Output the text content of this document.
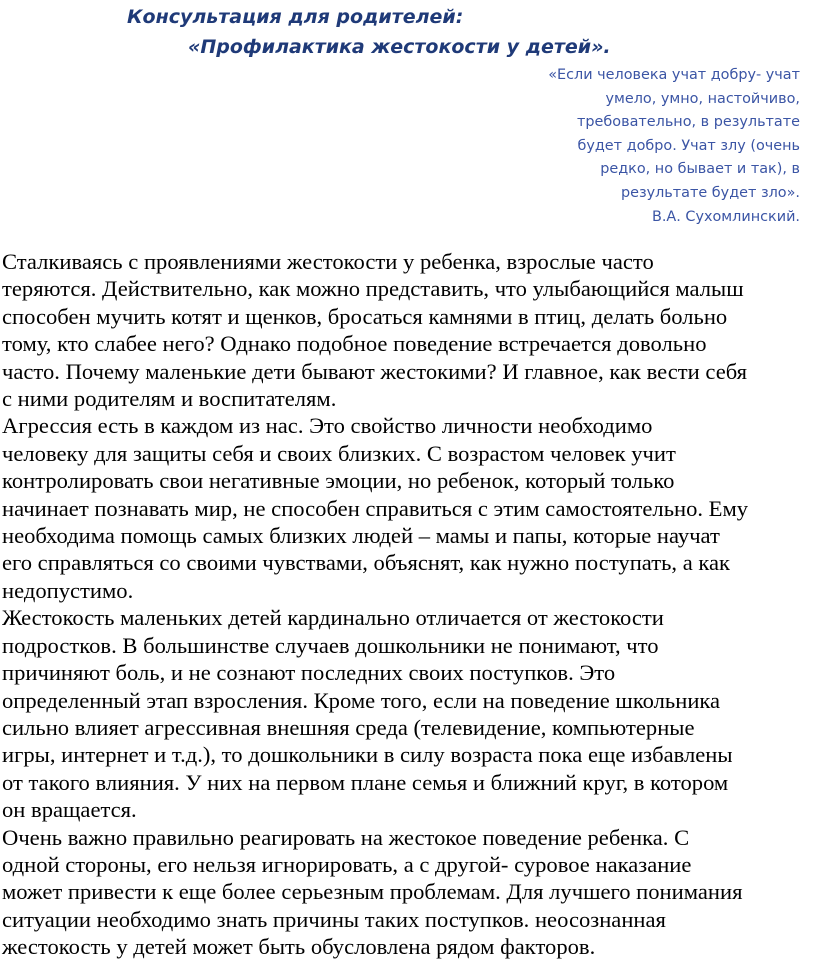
Консультация для родителей:
«Профилактика жестокости у детей».
«Если человека учат добру- учат
умело, умно, настойчиво,
требовательно, в результате
будет добро. Учат злу (очень
редко, но бывает и так), в
результате будет зло».
В.А. Сухомлинский.
Сталкиваясь с проявлениями жестокости у ребенка, взрослые часто
теряются. Действительно, как можно представить, что улыбающийся малыш
способен мучить котят и щенков, бросаться камнями в птиц, делать больно
тому, кто слабее него? Однако подобное поведение встречается довольно
часто. Почему маленькие дети бывают жестокими? И главное, как вести себя
с ними родителям и воспитателям.
Агрессия есть в каждом из нас. Это свойство личности необходимо
человеку для защиты себя и своих близких. С возрастом человек учит
контролировать свои негативные эмоции, но ребенок, который только
начинает познавать мир, не способен справиться с этим самостоятельно. Ему
необходима помощь самых близких людей – мамы и папы, которые научат
его справляться со своими чувствами, объяснят, как нужно поступать, а как
недопустимо.
Жестокость маленьких детей кардинально отличается от жестокости
подростков. В большинстве случаев дошкольники не понимают, что
причиняют боль, и не сознают последних своих поступков. Это
определенный этап взросления. Кроме того, если на поведение школьника
сильно влияет агрессивная внешняя среда (телевидение, компьютерные
игры, интернет и т.д.), то дошкольники в силу возраста пока еще избавлены
от такого влияния. У них на первом плане семья и ближний круг, в котором
он вращается.
Очень важно правильно реагировать на жестокое поведение ребенка. С
одной стороны, его нельзя игнорировать, а с другой- суровое наказание
может привести к еще более серьезным проблемам. Для лучшего понимания
ситуации необходимо знать причины таких поступков. неосознанная
жестокость у детей может быть обусловлена рядом факторов.
